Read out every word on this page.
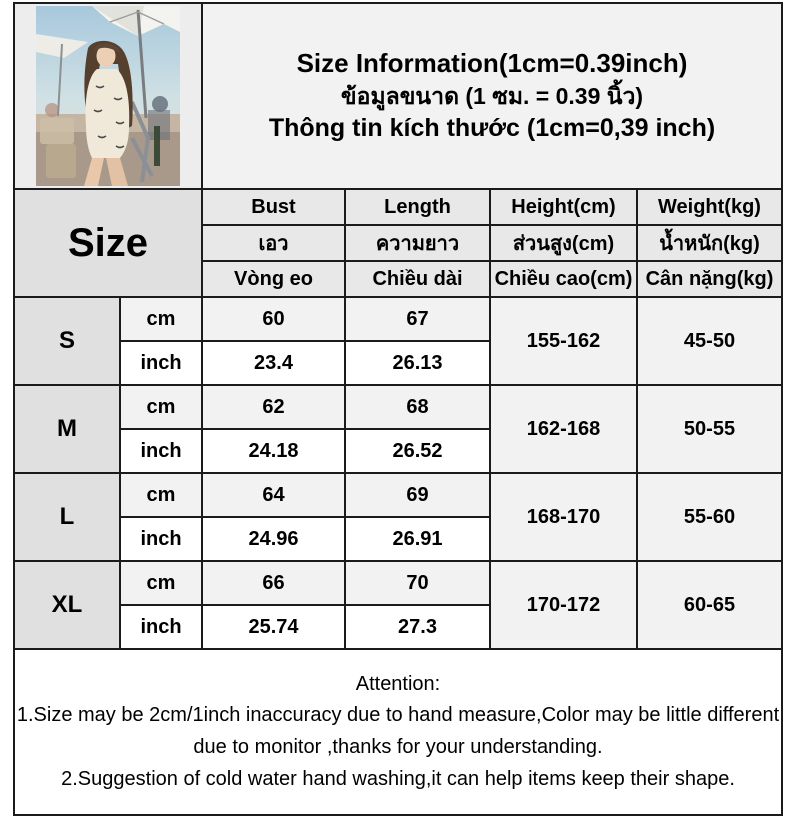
Size Information(1cm=0.39inch)
ข้อมูลขนาด (1 ซม. = 0.39 นิ้ว)
Thông tin kích thước (1cm=0,39 inch)			

Size		Bust	Length	Height(cm)	Weight(kg)
		เอว	ความยาว	ส่วนสูง(cm)	น้ำหนัก(kg)
		Vòng eo	Chiều dài	Chiều cao(cm)	Cân nặng(kg)
S	cm	60	67	155-162	45-50
	inch	23.4	26.13		
M	cm	62	68	162-168	50-55
	inch	24.18	26.52		
L	cm	64	69	168-170	55-60
	inch	24.96	26.91		
XL	cm	66	70	170-172	60-65
	inch	25.74	27.3		

Attention:
1.Size may be 2cm/1inch inaccuracy due to hand measure,Color may be little different due to monitor ,thanks for your understanding.
2.Suggestion of cold water hand washing,it can help items keep their shape.					
